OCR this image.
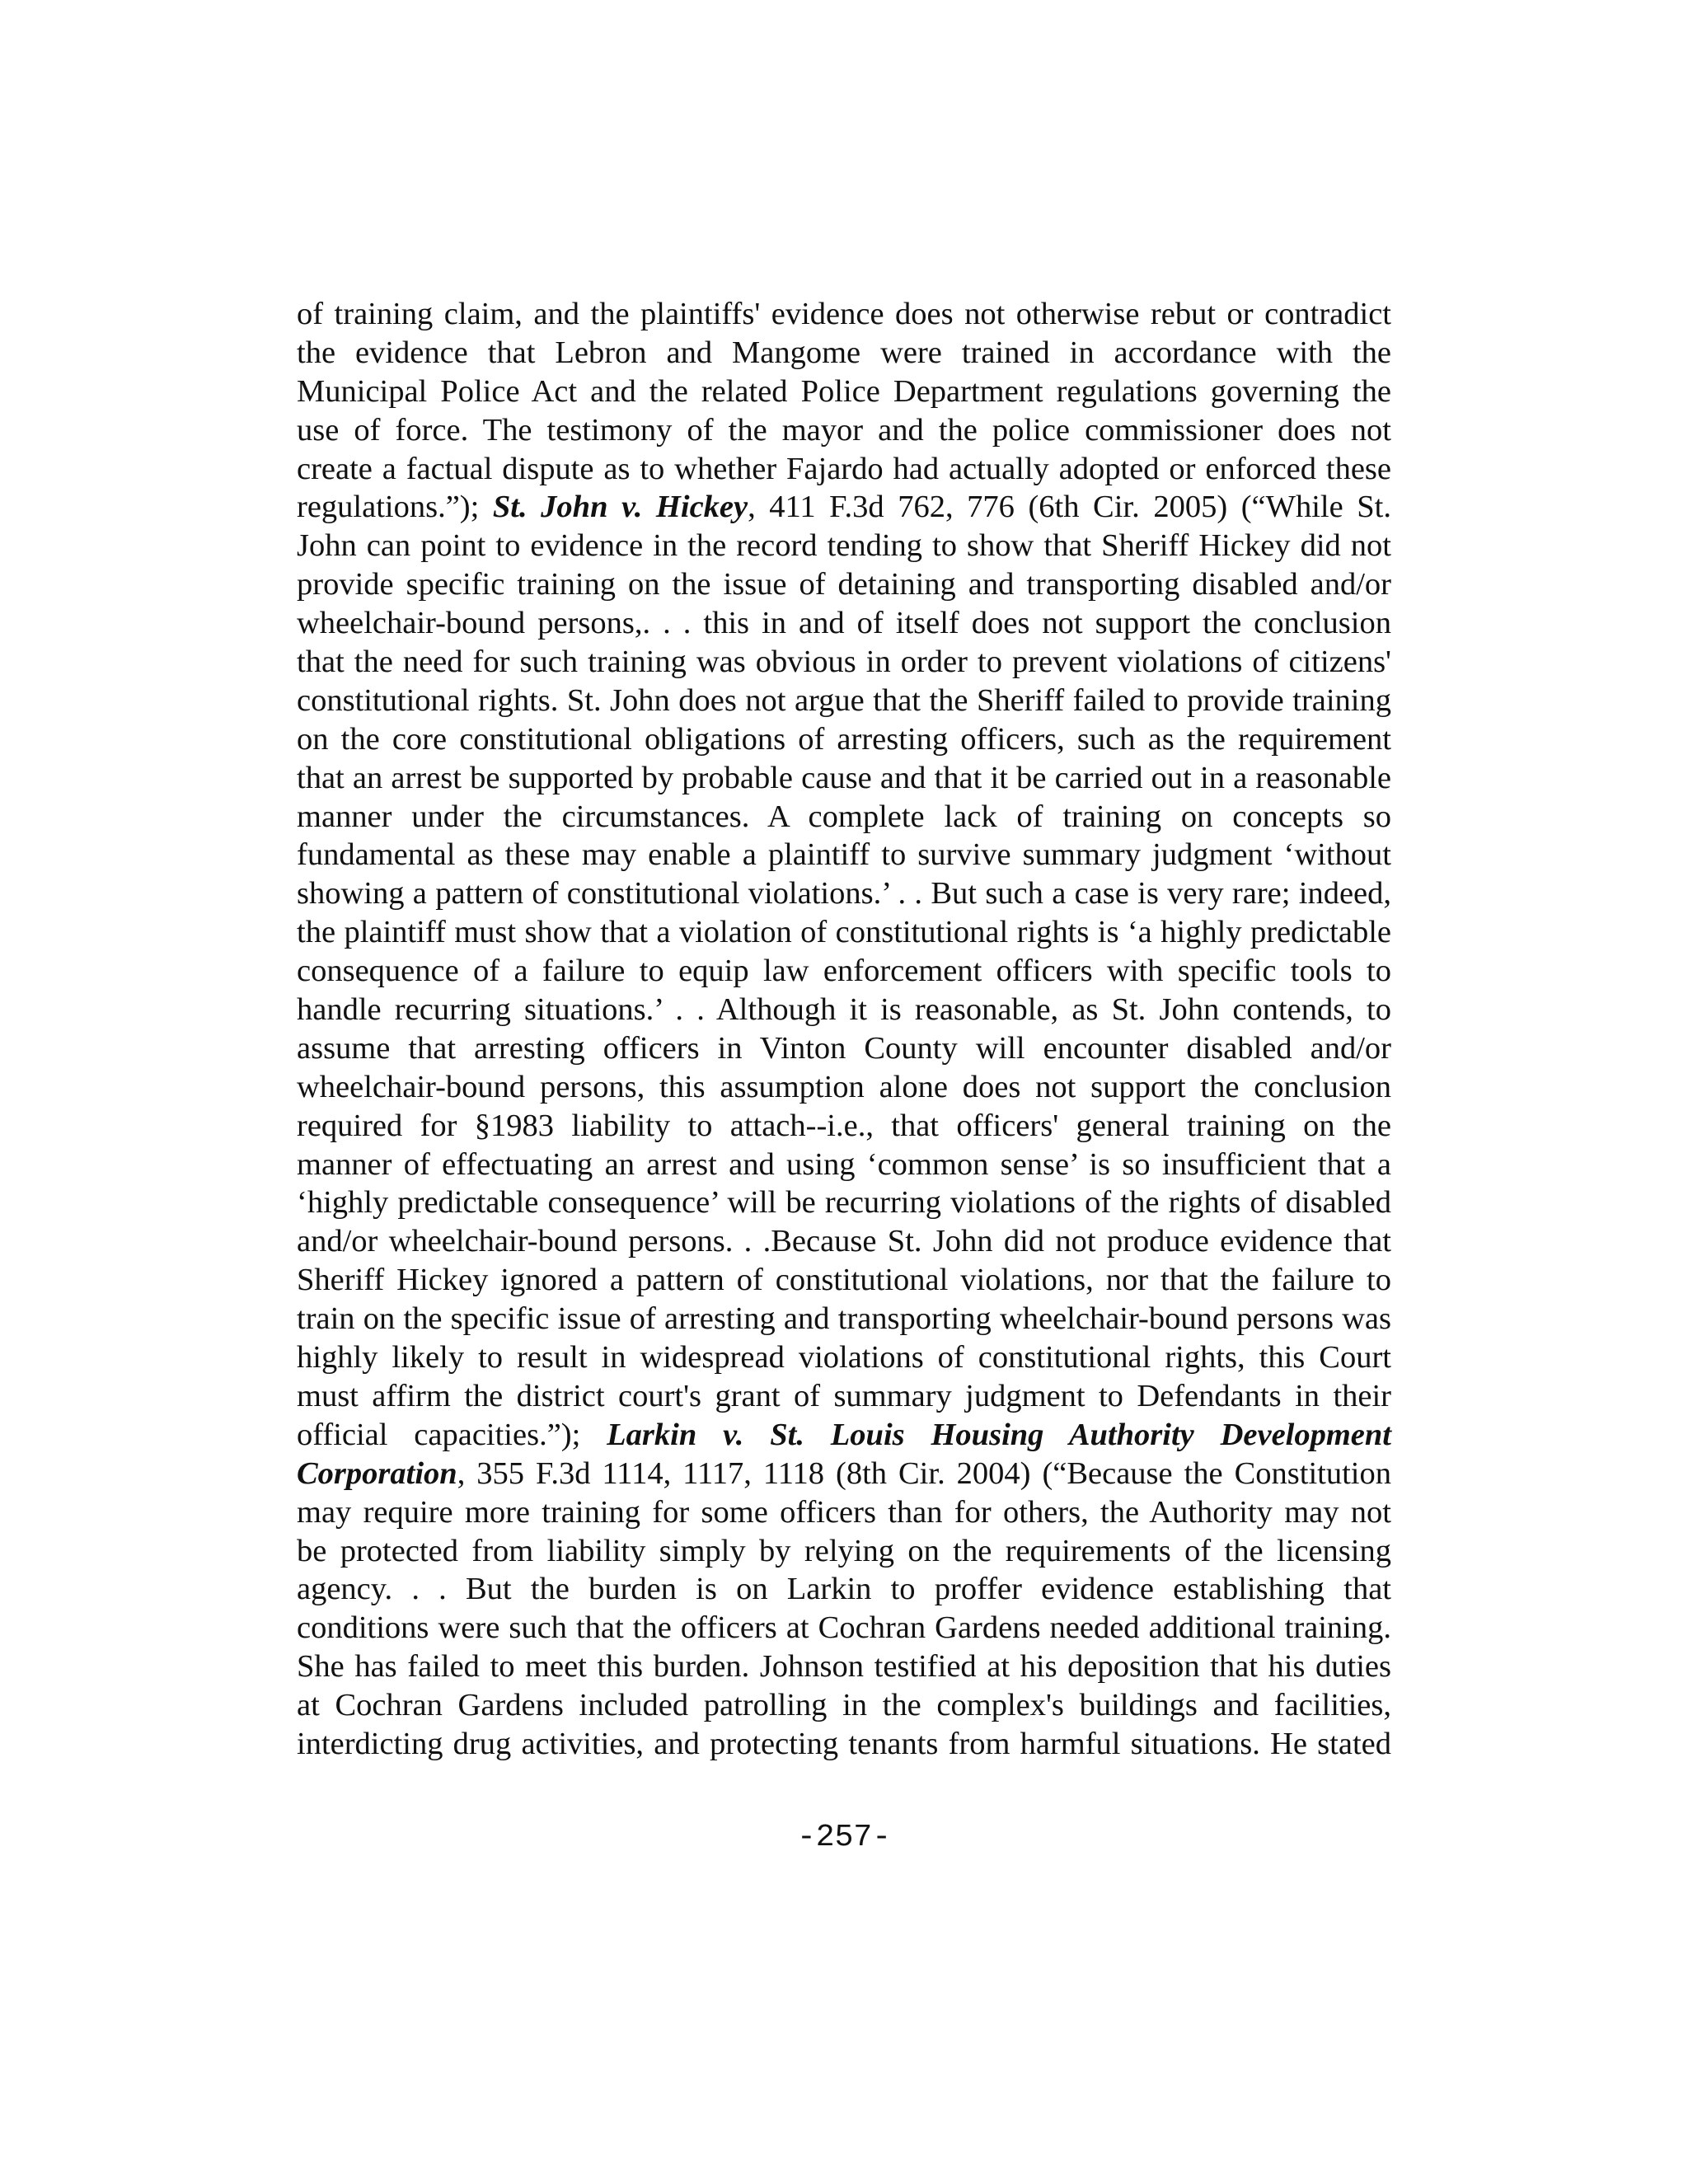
of training claim, and the plaintiffs' evidence does not otherwise rebut or contradict
the evidence that Lebron and Mangome were trained in accordance with the
Municipal Police Act and the related Police Department regulations governing the
use of force. The testimony of the mayor and the police commissioner does not
create a factual dispute as to whether Fajardo had actually adopted or enforced these
regulations.”); St. John v. Hickey, 411 F.3d 762, 776 (6th Cir. 2005) (“While St.
John can point to evidence in the record tending to show that Sheriff Hickey did not
provide specific training on the issue of detaining and transporting disabled and/or
wheelchair-bound persons,. . . this in and of itself does not support the conclusion
that the need for such training was obvious in order to prevent violations of citizens'
constitutional rights. St. John does not argue that the Sheriff failed to provide training
on the core constitutional obligations of arresting officers, such as the requirement
that an arrest be supported by probable cause and that it be carried out in a reasonable
manner under the circumstances. A complete lack of training on concepts so
fundamental as these may enable a plaintiff to survive summary judgment ‘without
showing a pattern of constitutional violations.’ . . But such a case is very rare; indeed,
the plaintiff must show that a violation of constitutional rights is ‘a highly predictable
consequence of a failure to equip law enforcement officers with specific tools to
handle recurring situations.’ . . Although it is reasonable, as St. John contends, to
assume that arresting officers in Vinton County will encounter disabled and/or
wheelchair-bound persons, this assumption alone does not support the conclusion
required for §1983 liability to attach--i.e., that officers' general training on the
manner of effectuating an arrest and using ‘common sense’ is so insufficient that a
‘highly predictable consequence’ will be recurring violations of the rights of disabled
and/or wheelchair-bound persons. . .Because St. John did not produce evidence that
Sheriff Hickey ignored a pattern of constitutional violations, nor that the failure to
train on the specific issue of arresting and transporting wheelchair-bound persons was
highly likely to result in widespread violations of constitutional rights, this Court
must affirm the district court's grant of summary judgment to Defendants in their
official capacities.”); Larkin v. St. Louis Housing Authority Development
Corporation, 355 F.3d 1114, 1117, 1118 (8th Cir. 2004) (“Because the Constitution
may require more training for some officers than for others, the Authority may not
be protected from liability simply by relying on the requirements of the licensing
agency. . . But the burden is on Larkin to proffer evidence establishing that
conditions were such that the officers at Cochran Gardens needed additional training.
She has failed to meet this burden. Johnson testified at his deposition that his duties
at Cochran Gardens included patrolling in the complex's buildings and facilities,
interdicting drug activities, and protecting tenants from harmful situations. He stated
-257-
